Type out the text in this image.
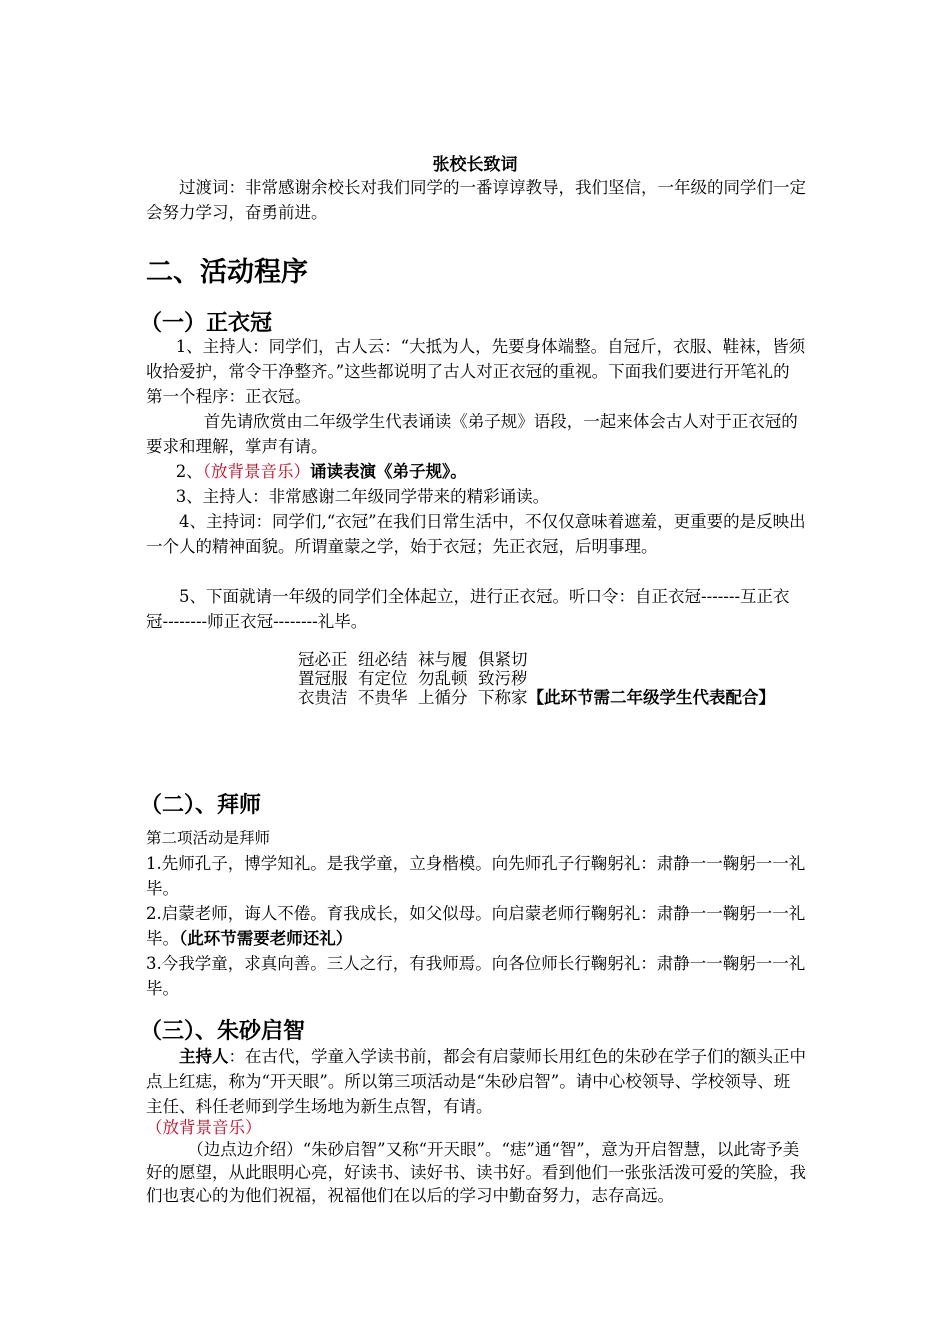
张校长致词
过渡词：非常感谢余校长对我们同学的一番谆谆教导，我们坚信，一年级的同学们一定会努力学习，奋勇前进。
二、活动程序
（一）正衣冠
1、主持人：同学们，古人云：“大抵为人，先要身体端整。自冠斤，衣服、鞋袜，皆须收拾爱护，常令干净整齐。”这些都说明了古人对正衣冠的重视。下面我们要进行开笔礼的第一个程序：正衣冠。
首先请欣赏由二年级学生代表诵读《弟子规》语段，一起来体会古人对于正衣冠的要求和理解，掌声有请。
2、（放背景音乐）诵读表演《弟子规》。
3、主持人：非常感谢二年级同学带来的精彩诵读。
4、主持词：同学们,“衣冠”在我们日常生活中，不仅仅意味着遮羞，更重要的是反映出一个人的精神面貌。所谓童蒙之学，始于衣冠；先正衣冠，后明事理。
5、下面就请一年级的同学们全体起立，进行正衣冠。听口令：自正衣冠-------互正衣冠--------师正衣冠--------礼毕。
冠必正  纽必结  袜与履  俱紧切
置冠服  有定位  勿乱顿  致污秽
衣贵洁  不贵华  上循分  下称家【此环节需二年级学生代表配合】
（二）、拜师
第二项活动是拜师
1.先师孔子，博学知礼。是我学童，立身楷模。向先师孔子行鞠躬礼：肃静一一鞠躬一一礼毕。
2.启蒙老师，诲人不倦。育我成长，如父似母。向启蒙老师行鞠躬礼：肃静一一鞠躬一一礼毕。（此环节需要老师还礼）
3.今我学童，求真向善。三人之行，有我师焉。向各位师长行鞠躬礼：肃静一一鞠躬一一礼毕。
（三）、朱砂启智
主持人：在古代，学童入学读书前，都会有启蒙师长用红色的朱砂在学子们的额头正中点上红痣，称为“开天眼”。所以第三项活动是“朱砂启智”。请中心校领导、学校领导、班主任、科任老师到学生场地为新生点智，有请。
（放背景音乐）
（边点边介绍）“朱砂启智”又称“开天眼”。“痣”通“智”，意为开启智慧，以此寄予美好的愿望，从此眼明心亮，好读书、读好书、读书好。看到他们一张张活泼可爱的笑脸，我们也衷心的为他们祝福，祝福他们在以后的学习中勤奋努力，志存高远。
